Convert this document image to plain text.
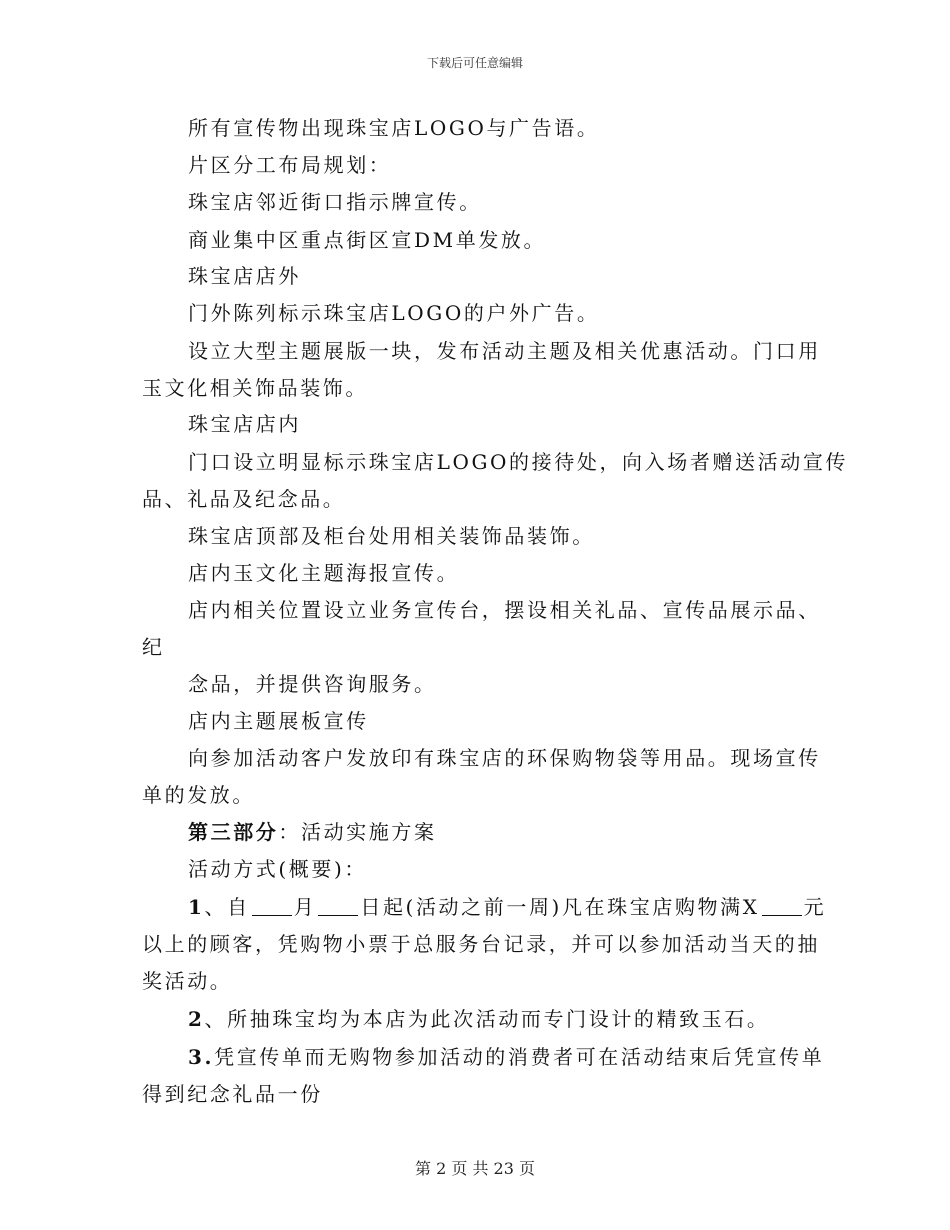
下载后可任意编辑
所有宣传物出现珠宝店LOGO与广告语。
片区分工布局规划：
珠宝店邻近街口指示牌宣传。
商业集中区重点街区宣DM单发放。
珠宝店店外
门外陈列标示珠宝店LOGO的户外广告。
设立大型主题展版一块，发布活动主题及相关优惠活动。门口用
玉文化相关饰品装饰。
珠宝店店内
门口设立明显标示珠宝店LOGO的接待处，向入场者赠送活动宣传
品、礼品及纪念品。
珠宝店顶部及柜台处用相关装饰品装饰。
店内玉文化主题海报宣传。
店内相关位置设立业务宣传台，摆设相关礼品、宣传品展示品、
纪
念品，并提供咨询服务。
店内主题展板宣传
向参加活动客户发放印有珠宝店的环保购物袋等用品。现场宣传
单的发放。
第三部分：活动实施方案
活动方式(概要)：
1、自 月 日起(活动之前一周)凡在珠宝店购物满X 元
以上的顾客，凭购物小票于总服务台记录，并可以参加活动当天的抽
奖活动。
2、所抽珠宝均为本店为此次活动而专门设计的精致玉石。
3.凭宣传单而无购物参加活动的消费者可在活动结束后凭宣传单
得到纪念礼品一份
第 2 页 共 23 页
